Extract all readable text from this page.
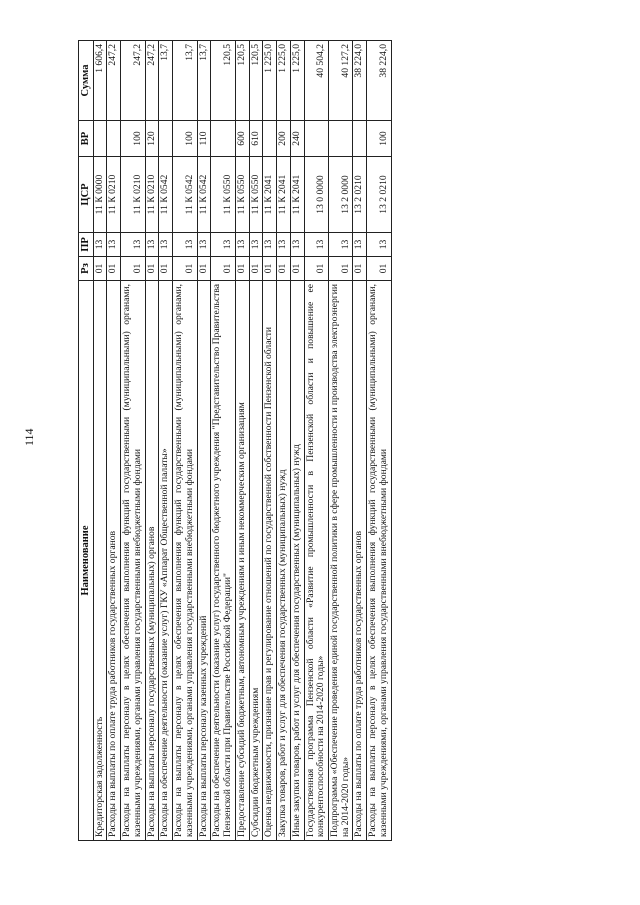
114
Наименование	Рз	ПР	ЦСР	ВР	Сумма
Кредиторская задолженность	01	13	11 К 0000		1 606,4
Расходы на выплаты по оплате труда работников государственных органов	01	13	11 К 0210		247,2
Расходы на выплаты персоналу в целях обеспечения выполнения функций государственными (муниципальными) органами, казенными учреждениями, органами управления государственными внебюджетными фондами	01	13	11 К 0210	100	247,2
Расходы на выплаты персоналу государственных (муниципальных) органов	01	13	11 К 0210	120	247,2
Расходы на обеспечение деятельности (оказание услуг) ГКУ «Аппарат Общественной палаты»	01	13	11 К 0542		13,7
Расходы на выплаты персоналу в целях обеспечения выполнения функций государственными (муниципальными) органами, казенными учреждениями, органами управления государственными внебюджетными фондами	01	13	11 К 0542	100	13,7
Расходы на выплаты персоналу казенных учреждений	01	13	11 К 0542	110	13,7
Расходы на обеспечение деятельности (оказание услуг) государственного бюджетного учреждения "Представительство Правительства Пензенской области при Правительстве Российской Федерации"	01	13	11 К 0550		120,5
Предоставление субсидий бюджетным, автономным учреждениям и иным некоммерческим организациям	01	13	11 К 0550	600	120,5
Субсидии бюджетным учреждениям	01	13	11 К 0550	610	120,5
Оценка недвижимости, признание прав и регулирование отношений по государственной собственности Пензенской области	01	13	11 К 2041		1 225,0
Закупка товаров, работ и услуг для обеспечения государственных (муниципальных) нужд	01	13	11 К 2041	200	1 225,0
Иные закупки товаров, работ и услуг для обеспечения государственных (муниципальных) нужд	01	13	11 К 2041	240	1 225,0
Государственная программа Пензенской области «Развитие промышленности в Пензенской области и повышение ее конкурентоспособности на 2014-2020 годы»	01	13	13 0 0000		40 504,2
Подпрограмма «Обеспечение проведения единой государственной политики в сфере промышленности и производства электроэнергии на 2014-2020 годы»	01	13	13 2 0000		40 127,2
Расходы на выплаты по оплате труда работников государственных органов	01	13	13 2 0210		38 224,0
Расходы на выплаты персоналу в целях обеспечения выполнения функций государственными (муниципальными) органами, казенными учреждениями, органами управления государственными внебюджетными фондами	01	13	13 2 0210	100	38 224,0
